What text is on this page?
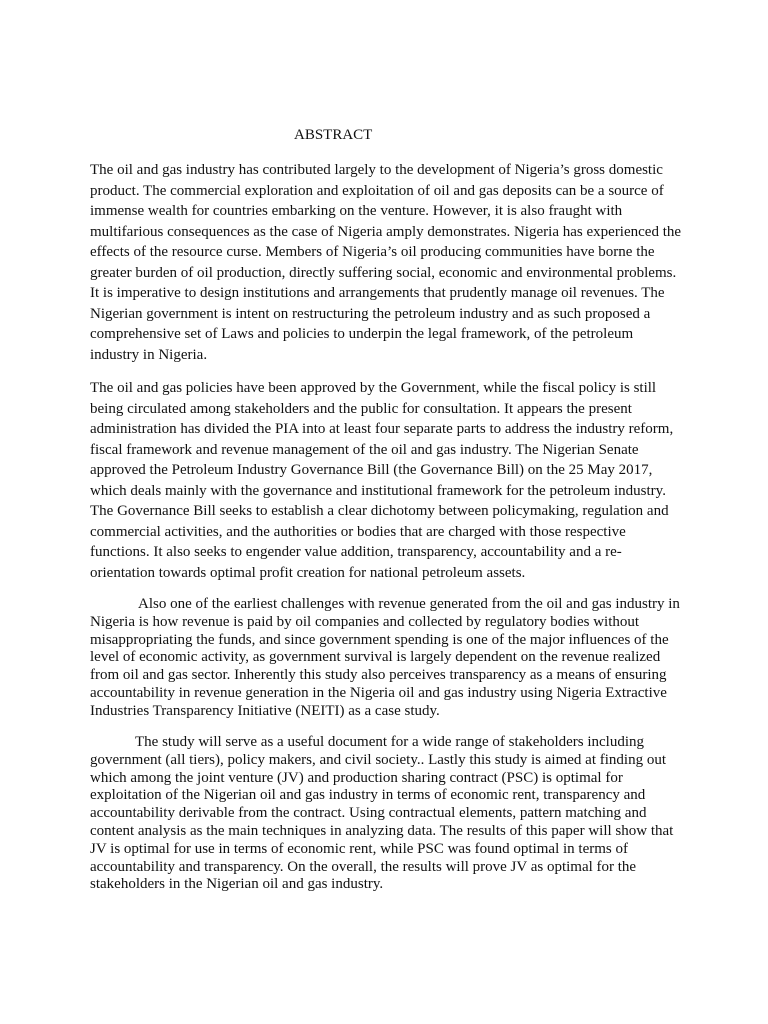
ABSTRACT

The oil and gas industry has contributed largely to the development of Nigeria’s gross domestic product. The commercial exploration and exploitation of oil and gas deposits can be a source of immense wealth for countries embarking on the venture. However, it is also fraught with multifarious consequences as the case of Nigeria amply demonstrates. Nigeria has experienced the effects of the resource curse. Members of Nigeria’s oil producing communities have borne the greater burden of oil production, directly suffering social, economic and environmental problems. It is imperative to design institutions and arrangements that prudently manage oil revenues. The Nigerian government is intent on restructuring the petroleum industry and as such proposed a comprehensive set of Laws and policies to underpin the legal framework, of the petroleum industry in Nigeria.

The oil and gas policies have been approved by the Government, while the fiscal policy is still being circulated among stakeholders and the public for consultation. It appears the present administration has divided the PIA into at least four separate parts to address the industry reform, fiscal framework and revenue management of the oil and gas industry. The Nigerian Senate approved the Petroleum Industry Governance Bill (the Governance Bill) on the 25 May 2017, which deals mainly with the governance and institutional framework for the petroleum industry. The Governance Bill seeks to establish a clear dichotomy between policymaking, regulation and commercial activities, and the authorities or bodies that are charged with those respective functions. It also seeks to engender value addition, transparency, accountability and a re-orientation towards optimal profit creation for national petroleum assets.

Also one of the earliest challenges with revenue generated from the oil and gas industry in Nigeria is how revenue is paid by oil companies and collected by regulatory bodies without misappropriating the funds, and since government spending is one of the major influences of the level of economic activity, as government survival is largely dependent on the revenue realized from oil and gas sector. Inherently this study also perceives transparency as a means of ensuring accountability in revenue generation in the Nigeria oil and gas industry using Nigeria Extractive Industries Transparency Initiative (NEITI) as a case study.

The study will serve as a useful document for a wide range of stakeholders including government (all tiers), policy makers, and civil society.. Lastly this study is aimed at finding out which among the joint venture (JV) and production sharing contract (PSC) is optimal for exploitation of the Nigerian oil and gas industry in terms of economic rent, transparency and accountability derivable from the contract. Using contractual elements, pattern matching and content analysis as the main techniques in analyzing data. The results of this paper will show that JV is optimal for use in terms of economic rent, while PSC was found optimal in terms of accountability and transparency. On the overall, the results will prove JV as optimal for the stakeholders in the Nigerian oil and gas industry.
